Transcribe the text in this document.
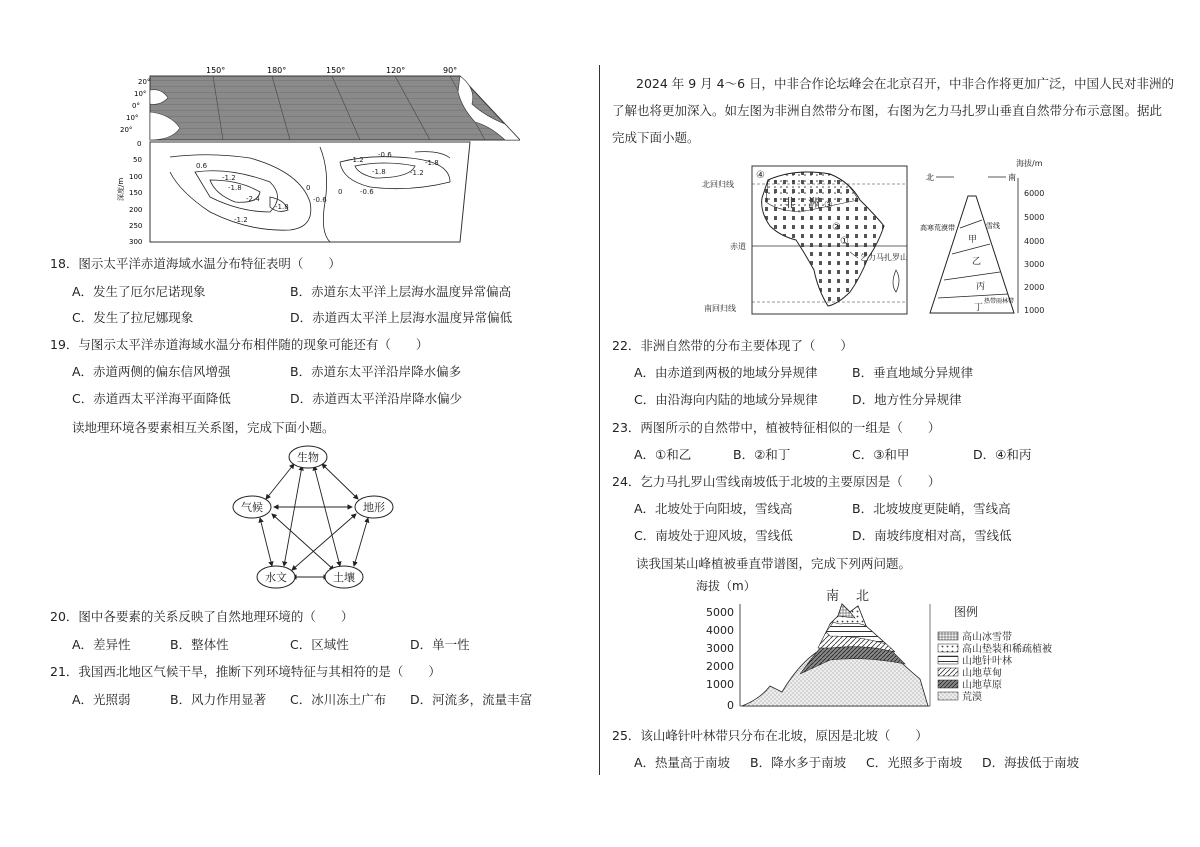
150°	180°	150°	120°	90°
20°
10°
0°
10°
20°
0
50
100
150
200
250
300
深度/m
0.6
-1.2
-1.8
-2.4
-1.8
0
-0.6
-1.2
-0.6
-1.2
-1.8
-1.8
-1.2
-0.6
0
18．图示太平洋赤道海域水温分布特征表明（　　）
A．发生了厄尔尼诺现象	B．赤道东太平洋上层海水温度异常偏高
C．发生了拉尼娜现象	D．赤道西太平洋上层海水温度异常偏低
19．与图示太平洋赤道海域水温分布相伴随的现象可能还有（　　）
A．赤道两侧的偏东信风增强	B．赤道东太平洋沿岸降水偏多
C．赤道西太平洋海平面降低	D．赤道西太平洋沿岸降水偏少
读地理环境各要素相互关系图，完成下面小题。
生物
气候	地形
水文	土壤
20．图中各要素的关系反映了自然地理环境的（　　）
A．差异性	B．整体性	C．区域性	D．单一性
21．我国西北地区气候干旱，推断下列环境特征与其相符的是（　　）
A．光照弱	B．风力作用显著 C．冰川冻土广布 D．河流多，流量丰富
2024 年 9 月 4～6 日，中非合作论坛峰会在北京召开，中非合作将更加广泛，中国人民对非洲的
了解也将更加深入。如左图为非洲自然带分布图，右图为乞力马扎罗山垂直自然带分布示意图。据此
完成下面小题。
北回归线
赤道
南回归线
非　洲 ③
②
①
④
乞力马扎罗山
海拔/m
6000
5000
4000
3000
2000
1000
甲
乙
丙
丁
北	南
高寒荒漠带	雪线
热带雨林带
22．非洲自然带的分布主要体现了（　　）
A．由赤道到两极的地域分异规律	B．垂直地域分异规律
C．由沿海向内陆的地域分异规律	D．地方性分异规律
23．两图所示的自然带中，植被特征相似的一组是（　　）
A．①和乙	B．②和丁	C．③和甲	D．④和丙
24．乞力马扎罗山雪线南坡低于北坡的主要原因是（　　）
A．北坡处于向阳坡，雪线高	B．北坡坡度更陡峭，雪线高
C．南坡处于迎风坡，雪线低	D．南坡纬度相对高，雪线低
读我国某山峰植被垂直带谱图，完成下列两问题。
海拔（m）
5000
4000
3000
2000
1000
0
南 北
图例
高山冰雪带
高山垫装和稀疏植被
山地针叶林
山地草甸
山地草原
荒漠
25．该山峰针叶林带只分布在北坡，原因是北坡（　　）
A．热量高于南坡 B．降水多于南坡 C．光照多于南坡 D．海拔低于南坡
